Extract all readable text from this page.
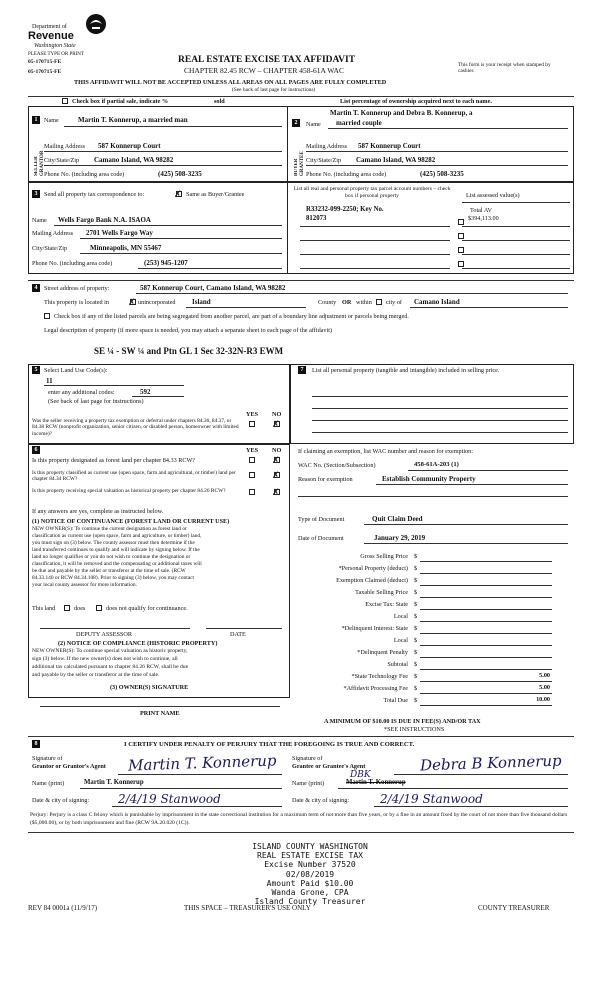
Department of
Revenue
Washington State
PLEASE TYPE OR PRINT
05-170715-FE
05-170715-FE
REAL ESTATE EXCISE TAX AFFIDAVIT
CHAPTER 82.45 RCW – CHAPTER 458-61A WAC
This form is your receipt when stamped by cashier.
THIS AFFIDAVIT WILL NOT BE ACCEPTED UNLESS ALL AREAS ON ALL PAGES ARE FULLY COMPLETED
(See back of last page for instructions)
Check box if partial sale, indicate %	sold	List percentage of ownership acquired next to each name.
1	Name	Martin T. Konnerup, a married man
SELLER GRANTOR
Mailing Address 587 Konnerup Court
City/State/Zip Camano Island, WA 98282
Phone No. (including area code)	(425) 508-3235
Martin T. Konnerup and Debra B. Konnerup, a
2	Name married couple
BUYER GRANTEE
Mailing Address 587 Konnerup Court
City/State/Zip Camano Island, WA 98282
Phone No. (including area code)	(425) 508-3235
3	Send all property tax correspondence to:	✗ Same as Buyer/Grantee
Name Wells Fargo Bank N.A. ISAOA
Mailing Address 2701 Wells Fargo Way
City/State/Zip	Minneapolis, MN 55467
Phone No. (including area code)	(253) 945-1207
List all real and personal property tax parcel account numbers – check box if personal property	List assessed value(s)
R33232-099-2250; Key No.
812073
Total AV
$394,113.00
4	Street address of property:	587 Konnerup Court, Camano Island, WA 98282
This property is located in ✗ unincorporated Island	County OR within city of Camano Island
Check box if any of the listed parcels are being segregated from another parcel, are part of a boundary line adjustment or parcels being merged.
Legal description of property (if more space is needed, you may attach a separate sheet to each page of the affidavit)
SE ¼ - SW ¼ and Ptn GL 1 Sec 32-32N-R3 EWM
5	Select Land Use Code(s):
11
enter any additional codes:	592
(See back of last page for instructions)
YES NO
Was the seller receiving a property tax exemption or deferral under chapters 84.36, 84.37, or 84.38 RCW (nonprofit organization, senior citizen, or disabled person, homeowner with limited income)?
✗
6	YES NO
Is this property designated as forest land per chapter 84.33 RCW?	✗
Is this property classified as current use (open space, farm and agricultural, or timber) land per chapter 84.34 RCW?	✗
Is this property receiving special valuation as historical property per chapter 84.26 RCW?	✗
If any answers are yes, complete as instructed below.
(1) NOTICE OF CONTINUANCE (FOREST LAND OR CURRENT USE)
NEW OWNER(S): To continue the current designation as forest land or
classification as current use (open space, farm and agriculture, or timber) land,
you must sign on (3) below. The county assessor must then determine if the
land transferred continues to qualify and will indicate by signing below. If the
land no longer qualifies or you do not wish to continue the designation or
classification, it will be removed and the compensating or additional taxes will
be due and payable by the seller or transferor at the time of sale. (RCW
84.33.140 or RCW 84.34.108). Prior to signing (3) below, you may contact
your local county assessor for more information.
This land	does	does not qualify for continuance.
DEPUTY ASSESSOR	DATE
(2) NOTICE OF COMPLIANCE (HISTORIC PROPERTY)
NEW OWNER(S): To continue special valuation as historic property,
sign (3) below. If the new owner(s) does not wish to continue, all
additional tax calculated pursuant to chapter 84.26 RCW, shall be due
and payable by the seller or transferor at the time of sale.
(3) OWNER(S) SIGNATURE
PRINT NAME
7	List all personal property (tangible and intangible) included in selling price.
If claiming an exemption, list WAC number and reason for exemption:
WAC No. (Section/Subsection)	458-61A-203 (1)
Reason for exemption	Establish Community Property
Type of Document	Quit Claim Deed
Date of Document	January 29, 2019
Gross Selling Price $
*Personal Property (deduct) $
Exemption Claimed (deduct) $
Taxable Selling Price $
Excise Tax: State $
Local $
*Delinquent Interest: State $
Local $
*Delinquent Penalty $
Subtotal $
*State Technology Fee $	5.00
*Affidavit Processing Fee $	5.00
Total Due $	10.00
A MINIMUM OF $10.00 IS DUE IN FEE(S) AND/OR TAX
*SEE INSTRUCTIONS
8	I CERTIFY UNDER PENALTY OF PERJURY THAT THE FOREGOING IS TRUE AND CORRECT.
Signature of
Grantor or Grantor's Agent Martin T. Konnerup Signature of
Grantee or Grantee's Agent	Debra B Konnerup
Name (print)	Martin T. Konnerup	Name (print)
DBK
Martin T. Konnerup
Date & city of signing: 2/4/19 Stanwood	Date & city of signing:	2/4/19 Stanwood
Perjury: Perjury is a class C felony which is punishable by imprisonment in the state correctional institution for a maximum term of not more than five years, or by a fine in an amount fixed by the court of not more than five thousand dollars ($5,000.00), or by both imprisonment and fine (RCW 9A.20.020 (1C)).
ISLAND COUNTY WASHINGTON
REAL ESTATE EXCISE TAX
Excise Number 37520
02/08/2019
Amount Paid $10.00
Wanda Grone, CPA
Island County Treasurer
REV 84 0001a (11/9/17)	THIS SPACE – TREASURER'S USE ONLY	COUNTY TREASURER
